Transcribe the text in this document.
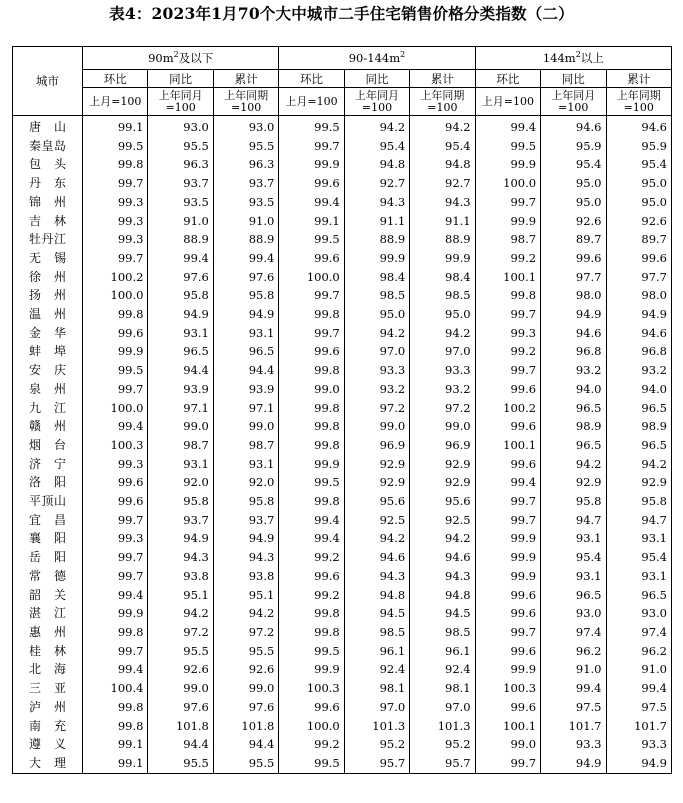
表4：2023年1月70个大中城市二手住宅销售价格分类指数（二）
城市	$90m^2$及以下			$90-144m^2$			$144m^2$以上		
	环比	同比	累计	环比	同比	累计	环比	同比	累计
	上月=100	上年同月=100	上年同期=100	上月=100	上年同月=100	上年同期=100	上月=100	上年同月=100	上年同期=100
唐山	99.1	93.0	93.0	99.5	94.2	94.2	99.4	94.6	94.6
秦皇岛	99.5	95.5	95.5	99.7	95.4	95.4	99.5	95.9	95.9
包头	99.8	96.3	96.3	99.9	94.8	94.8	99.9	95.4	95.4
丹东	99.7	93.7	93.7	99.6	92.7	92.7	100.0	95.0	95.0
锦州	99.3	93.5	93.5	99.4	94.3	94.3	99.7	95.0	95.0
吉林	99.3	91.0	91.0	99.1	91.1	91.1	99.9	92.6	92.6
牡丹江	99.3	88.9	88.9	99.5	88.9	88.9	98.7	89.7	89.7
无锡	99.7	99.4	99.4	99.6	99.9	99.9	99.2	99.6	99.6
徐州	100.2	97.6	97.6	100.0	98.4	98.4	100.1	97.7	97.7
扬州	100.0	95.8	95.8	99.7	98.5	98.5	99.8	98.0	98.0
温州	99.8	94.9	94.9	99.8	95.0	95.0	99.7	94.9	94.9
金华	99.6	93.1	93.1	99.7	94.2	94.2	99.3	94.6	94.6
蚌埠	99.9	96.5	96.5	99.6	97.0	97.0	99.2	96.8	96.8
安庆	99.5	94.4	94.4	99.8	93.3	93.3	99.7	93.2	93.2
泉州	99.7	93.9	93.9	99.0	93.2	93.2	99.6	94.0	94.0
九江	100.0	97.1	97.1	99.8	97.2	97.2	100.2	96.5	96.5
赣州	99.4	99.0	99.0	99.8	99.0	99.0	99.6	98.9	98.9
烟台	100.3	98.7	98.7	99.8	96.9	96.9	100.1	96.5	96.5
济宁	99.3	93.1	93.1	99.9	92.9	92.9	99.6	94.2	94.2
洛阳	99.6	92.0	92.0	99.5	92.9	92.9	99.4	92.9	92.9
平顶山	99.6	95.8	95.8	99.8	95.6	95.6	99.7	95.8	95.8
宜昌	99.7	93.7	93.7	99.4	92.5	92.5	99.7	94.7	94.7
襄阳	99.3	94.9	94.9	99.4	94.2	94.2	99.9	93.1	93.1
岳阳	99.7	94.3	94.3	99.2	94.6	94.6	99.9	95.4	95.4
常德	99.7	93.8	93.8	99.6	94.3	94.3	99.9	93.1	93.1
韶关	99.4	95.1	95.1	99.2	94.8	94.8	99.6	96.5	96.5
湛江	99.9	94.2	94.2	99.8	94.5	94.5	99.6	93.0	93.0
惠州	99.8	97.2	97.2	99.8	98.5	98.5	99.7	97.4	97.4
桂林	99.7	95.5	95.5	99.5	96.1	96.1	99.6	96.2	96.2
北海	99.4	92.6	92.6	99.9	92.4	92.4	99.9	91.0	91.0
三亚	100.4	99.0	99.0	100.3	98.1	98.1	100.3	99.4	99.4
泸州	99.8	97.6	97.6	99.6	97.0	97.0	99.6	97.5	97.5
南充	99.8	101.8	101.8	100.0	101.3	101.3	100.1	101.7	101.7
遵义	99.1	94.4	94.4	99.2	95.2	95.2	99.0	93.3	93.3
大理	99.1	95.5	95.5	99.5	95.7	95.7	99.7	94.9	94.9
